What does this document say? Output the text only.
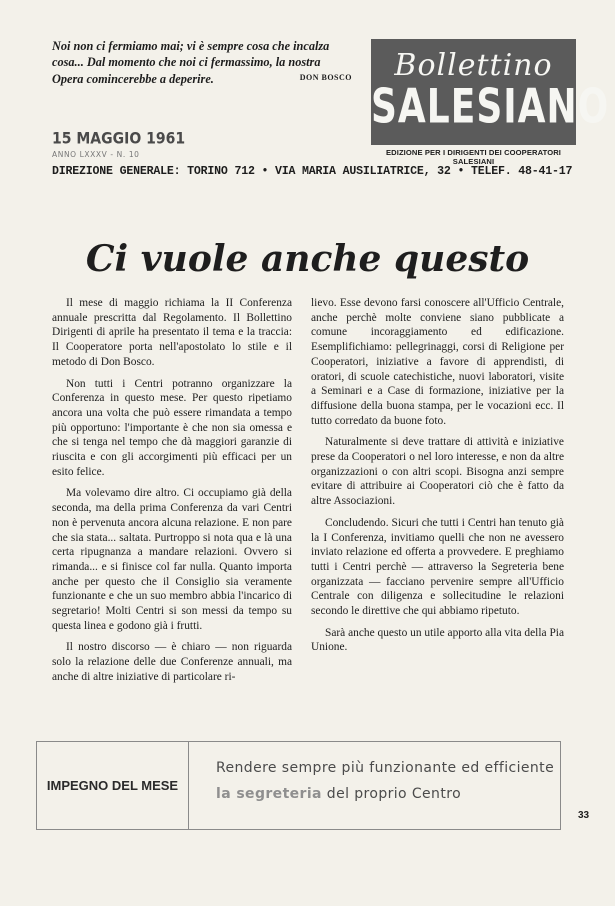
Noi non ci fermiamo mai; vi è sempre cosa che incalza cosa... Dal momento che noi ci fermassimo, la nostra Opera comincerebbe a deperire.	DON BOSCO	Bollettino
SALESIANO
EDIZIONE PER I DIRIGENTI DEI COOPERATORI SALESIANI
15 MAGGIO 1961
ANNO LXXXV - N. 10
DIREZIONE GENERALE: TORINO 712 • VIA MARIA AUSILIATRICE, 32 • TELEF. 48-41-17
Ci vuole anche questo

Il mese di maggio richiama la II Conferenza annuale prescritta dal Regolamento. Il Bollettino Dirigenti di aprile ha presentato il tema e la traccia: Il Cooperatore porta nell'apostolato lo stile e il metodo di Don Bosco.

Non tutti i Centri potranno organizzare la Conferenza in questo mese. Per questo ripetiamo ancora una volta che può essere rimandata a tempo più opportuno: l'importante è che non sia omessa e che si tenga nel tempo che dà maggiori garanzie di riuscita e con gli accorgimenti più efficaci per un esito felice.

Ma volevamo dire altro. Ci occupiamo già della seconda, ma della prima Conferenza da vari Centri non è pervenuta ancora alcuna relazione. E non pare che sia stata... saltata. Purtroppo si nota qua e là una certa ripugnanza a mandare relazioni. Ovvero si rimanda... e si finisce col far nulla. Quanto importa anche per questo che il Consiglio sia veramente funzionante e che un suo membro abbia l'incarico di segretario! Molti Centri si son messi da tempo su questa linea e godono già i frutti.

Il nostro discorso — è chiaro — non riguarda solo la relazione delle due Conferenze annuali, ma anche di altre iniziative di particolare ri-

lievo. Esse devono farsi conoscere all'Ufficio Centrale, anche perchè molte conviene siano pubblicate a comune incoraggiamento ed edificazione. Esemplifichiamo: pellegrinaggi, corsi di Religione per Cooperatori, iniziative a favore di apprendisti, di oratori, di scuole catechistiche, nuovi laboratori, visite a Seminari e a Case di formazione, iniziative per la diffusione della buona stampa, per le vocazioni ecc. Il tutto corredato da buone foto.

Naturalmente si deve trattare di attività e iniziative prese da Cooperatori o nel loro interesse, e non da altre organizzazioni o con altri scopi. Bisogna anzi sempre evitare di attribuire ai Cooperatori ciò che è fatto da altre Associazioni.

Concludendo. Sicuri che tutti i Centri han tenuto già la I Conferenza, invitiamo quelli che non ne avessero inviato relazione ed offerta a provvedere. E preghiamo tutti i Centri perchè — attraverso la Segreteria bene organizzata — facciano pervenire sempre all'Ufficio Centrale con diligenza e sollecitudine le relazioni secondo le direttive che qui abbiamo ripetuto.

Sarà anche questo un utile apporto alla vita della Pia Unione.

IMPEGNO DEL MESE
Rendere sempre più funzionante ed efficiente
la segreteria del proprio Centro
33
